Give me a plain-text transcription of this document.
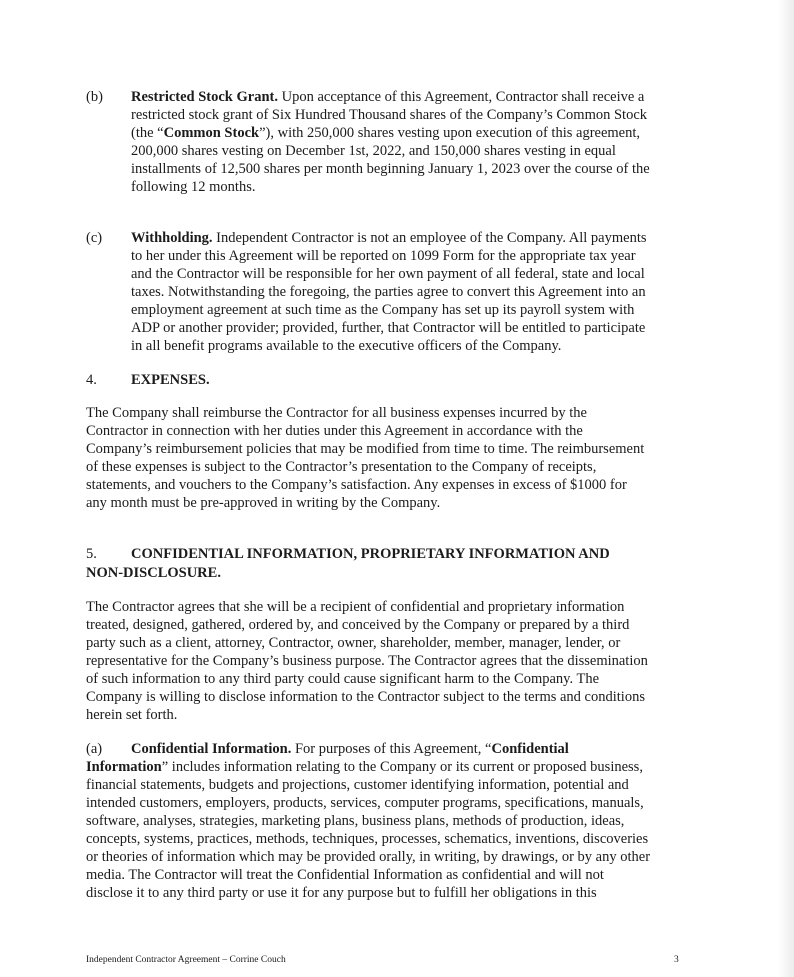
(b) Restricted Stock Grant. Upon acceptance of this Agreement, Contractor shall receive a
restricted stock grant of Six Hundred Thousand shares of the Company’s Common Stock
(the “Common Stock”), with 250,000 shares vesting upon execution of this agreement,
200,000 shares vesting on December 1st, 2022, and 150,000 shares vesting in equal
installments of 12,500 shares per month beginning January 1, 2023 over the course of the
following 12 months.
(c) Withholding. Independent Contractor is not an employee of the Company. All payments
to her under this Agreement will be reported on 1099 Form for the appropriate tax year
and the Contractor will be responsible for her own payment of all federal, state and local
taxes. Notwithstanding the foregoing, the parties agree to convert this Agreement into an
employment agreement at such time as the Company has set up its payroll system with
ADP or another provider; provided, further, that Contractor will be entitled to participate
in all benefit programs available to the executive officers of the Company.
4. EXPENSES.
The Company shall reimburse the Contractor for all business expenses incurred by the
Contractor in connection with her duties under this Agreement in accordance with the
Company’s reimbursement policies that may be modified from time to time. The reimbursement
of these expenses is subject to the Contractor’s presentation to the Company of receipts,
statements, and vouchers to the Company’s satisfaction. Any expenses in excess of $1000 for
any month must be pre-approved in writing by the Company.
5. CONFIDENTIAL INFORMATION, PROPRIETARY INFORMATION AND
NON-DISCLOSURE.
The Contractor agrees that she will be a recipient of confidential and proprietary information
treated, designed, gathered, ordered by, and conceived by the Company or prepared by a third
party such as a client, attorney, Contractor, owner, shareholder, member, manager, lender, or
representative for the Company’s business purpose. The Contractor agrees that the dissemination
of such information to any third party could cause significant harm to the Company. The
Company is willing to disclose information to the Contractor subject to the terms and conditions
herein set forth.
(a) Confidential Information. For purposes of this Agreement, “Confidential
Information” includes information relating to the Company or its current or proposed business,
financial statements, budgets and projections, customer identifying information, potential and
intended customers, employers, products, services, computer programs, specifications, manuals,
software, analyses, strategies, marketing plans, business plans, methods of production, ideas,
concepts, systems, practices, methods, techniques, processes, schematics, inventions, discoveries
or theories of information which may be provided orally, in writing, by drawings, or by any other
media. The Contractor will treat the Confidential Information as confidential and will not
disclose it to any third party or use it for any purpose but to fulfill her obligations in this
Independent Contractor Agreement – Corrine Couch	3
